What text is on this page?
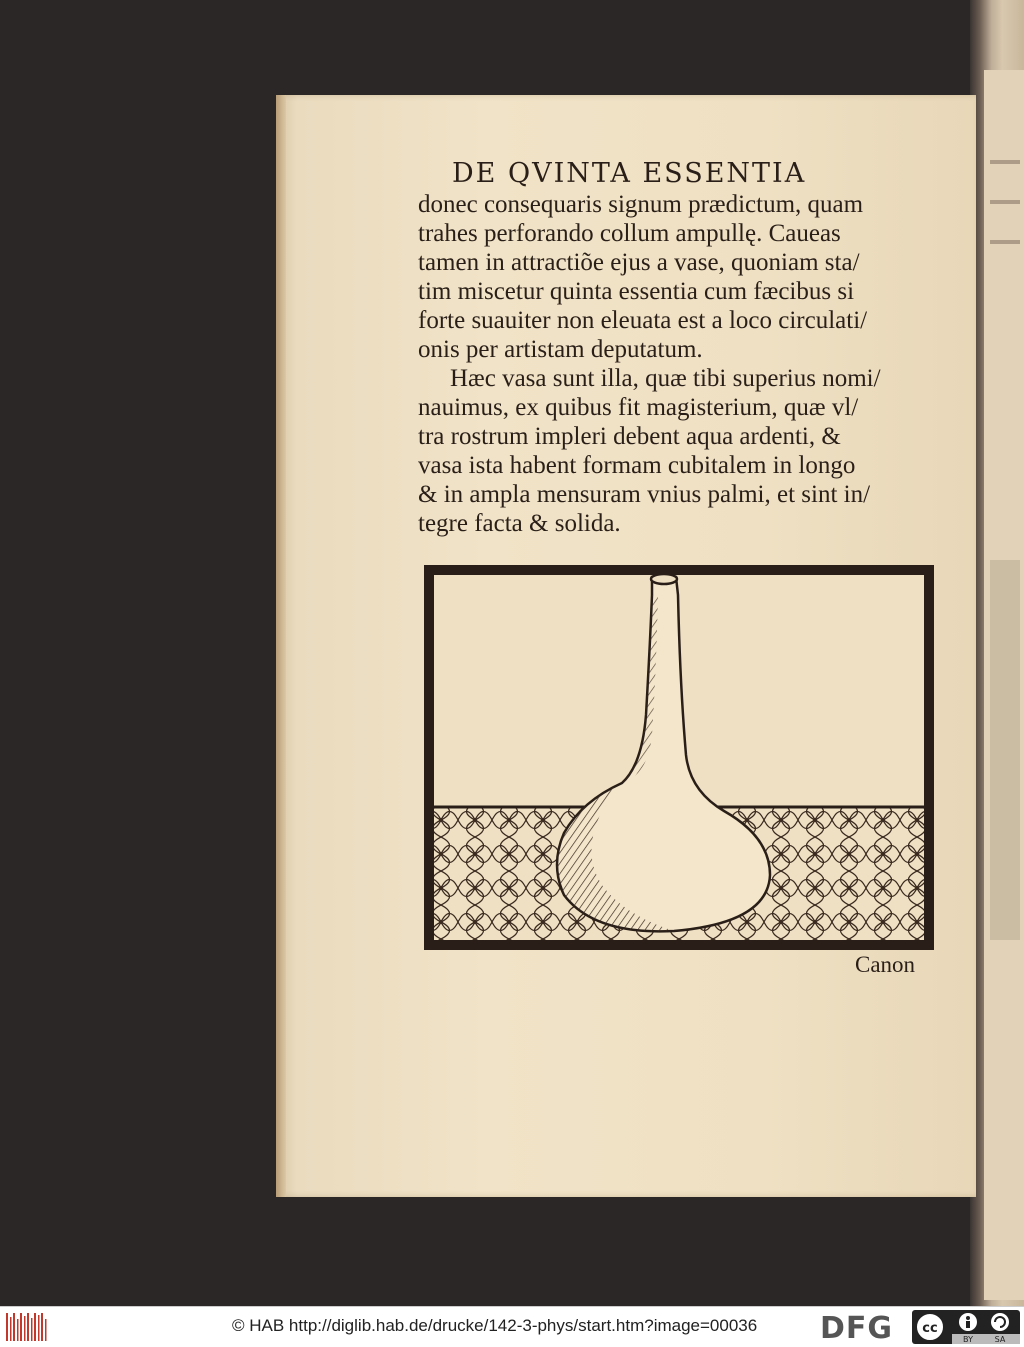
DE QVINTA ESSENTIA

donec consequaris signum prædictum, quam

trahes perforando collum ampullę. Caueas

tamen in attractiõe ejus a vase, quoniam sta/

tim miscetur quinta essentia cum fæcibus si

forte suauiter non eleuata est a loco circulati/

onis per artistam deputatum.

Hæc vasa sunt illa, quæ tibi superius nomi/

nauimus, ex quibus fit magisterium, quæ vl/

tra rostrum impleri debent aqua ardenti, &

vasa ista habent formam cubitalem in longo

& in ampla mensuram vnius palmi, et sint in/

tegre facta & solida.

Canon
© HAB http://diglib.hab.de/drucke/142-3-phys/start.htm?image=00036 DFG cc
BY	SA
